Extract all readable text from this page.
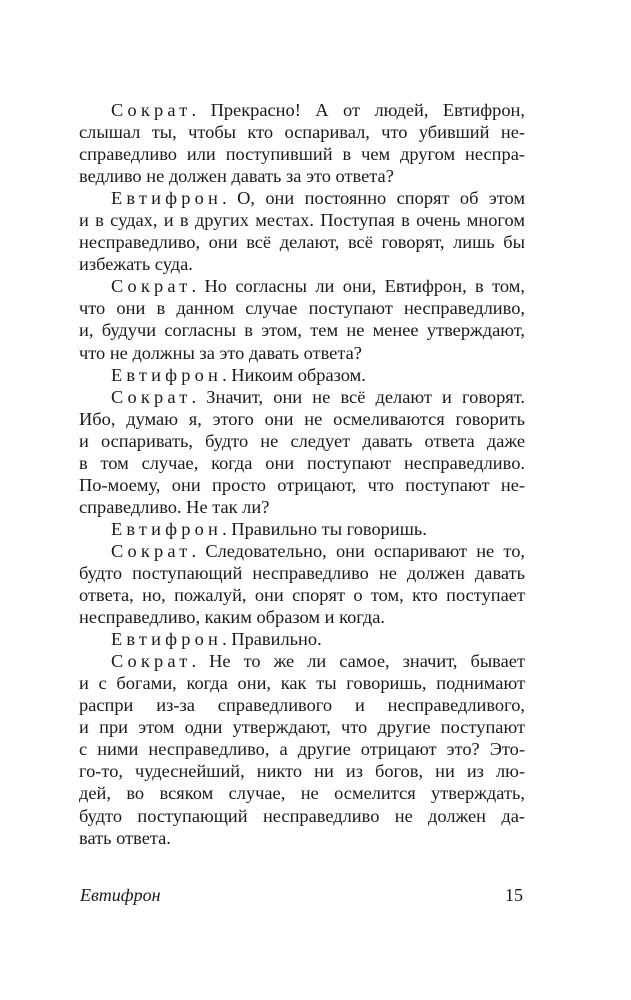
Сократ. Прекрасно! А от людей, Евтифрон,
слышал ты, чтобы кто оспаривал, что убивший не-
справедливо или поступивший в чем другом неспра-
ведливо не должен давать за это ответа?
Евтифрон. О, они постоянно спорят об этом
и в судах, и в других местах. Поступая в очень многом
несправедливо, они всё делают, всё говорят, лишь бы
избежать суда.
Сократ. Но согласны ли они, Евтифрон, в том,
что они в данном случае поступают несправедливо,
и, будучи согласны в этом, тем не менее утверждают,
что не должны за это давать ответа?
Евтифрон. Никоим образом.
Сократ. Значит, они не всё делают и говорят.
Ибо, думаю я, этого они не осмеливаются говорить
и оспаривать, будто не следует давать ответа даже
в том случае, когда они поступают несправедливо.
По-моему, они просто отрицают, что поступают не-
справедливо. Не так ли?
Евтифрон. Правильно ты говоришь.
Сократ. Следовательно, они оспаривают не то,
будто поступающий несправедливо не должен давать
ответа, но, пожалуй, они спорят о том, кто поступает
несправедливо, каким образом и когда.
Евтифрон. Правильно.
Сократ. Не то же ли самое, значит, бывает
и с богами, когда они, как ты говоришь, поднимают
распри из-за справедливого и несправедливого,
и при этом одни утверждают, что другие поступают
с ними несправедливо, а другие отрицают это? Это-
го-то, чудеснейший, никто ни из богов, ни из лю-
дей, во всяком случае, не осмелится утверждать,
будто поступающий несправедливо не должен да-
вать ответа.
Евтифрон	15
